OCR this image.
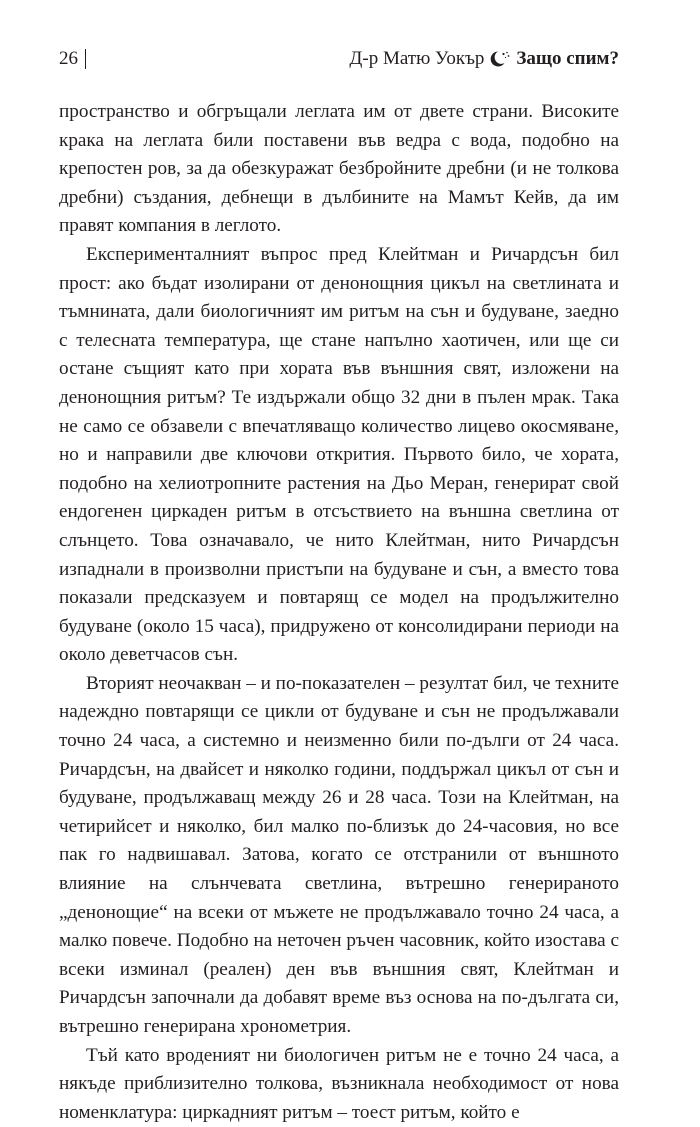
26	Д-р Матю Уокър Защо спим?

пространство и обгръщали леглата им от двете страни. Високите крака на леглата били поставени във ведра с вода, подобно на крепостен ров, за да обезкуражат безбройните дребни (и не толкова дребни) създания, дебнещи в дълбините на Мамът Кейв, да им правят компания в леглото.

Експерименталният въпрос пред Клейтман и Ричардсън бил прост: ако бъдат изолирани от денонощния цикъл на светлината и тъмнината, дали биологичният им ритъм на сън и будуване, заедно с телесната температура, ще стане напълно хаотичен, или ще си остане същият като при хората във външния свят, изложени на денонощния ритъм? Те издържали общо 32 дни в пълен мрак. Така не само се обзавели с впечатляващо количество лицево окосмяване, но и направили две ключови открития. Първото било, че хората, подобно на хелиотропните растения на Дьо Меран, генерират свой ендогенен циркаден ритъм в отсъствието на външна светлина от слънцето. Това означавало, че нито Клейтман, нито Ричардсън изпаднали в произволни пристъпи на будуване и сън, а вместо това показали предсказуем и повтарящ се модел на продължително будуване (около 15 часа), придружено от консолидирани периоди на около деветчасов сън.

Вторият неочакван – и по-показателен – резултат бил, че техните надеждно повтарящи се цикли от будуване и сън не продължавали точно 24 часа, а системно и неизменно били по-дълги от 24 часа. Ричардсън, на двайсет и няколко години, поддържал цикъл от сън и будуване, продължаващ между 26 и 28 часа. Този на Клейтман, на четирийсет и няколко, бил малко по-близък до 24-часовия, но все пак го надвишавал. Затова, когато се отстранили от външното влияние на слънчевата светлина, вътрешно генерираното „денонощие“ на всеки от мъжете не продължавало точно 24 часа, а малко повече. Подобно на неточен ръчен часовник, който изостава с всеки изминал (реален) ден във външния свят, Клейтман и Ричардсън започнали да добавят време въз основа на по-дългата си, вътрешно генерирана хронометрия.

Тъй като вроденият ни биологичен ритъм не е точно 24 часа, а някъде приблизително толкова, възникнала необходимост от нова номенклатура: циркадният ритъм – тоест ритъм, който е
